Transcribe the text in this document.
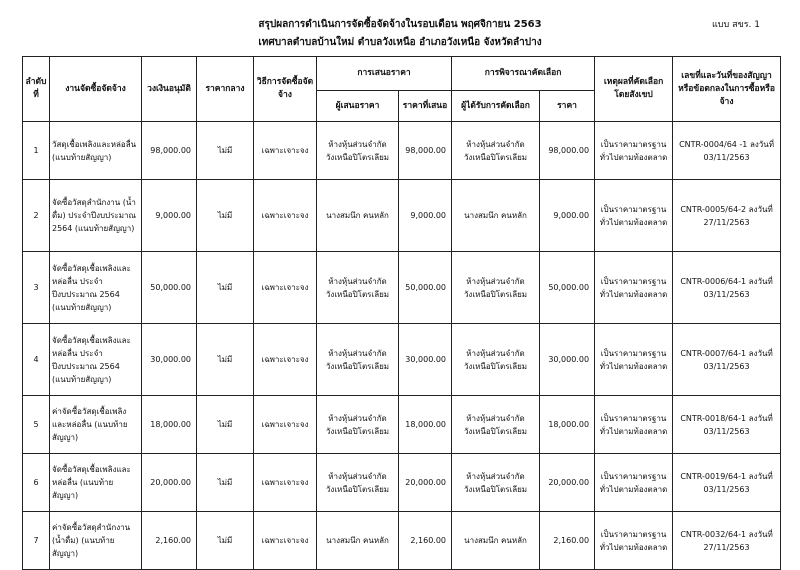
สรุปผลการดำเนินการจัดซื้อจัดจ้างในรอบเดือน พฤศจิกายน 2563
เทศบาลตำบลบ้านใหม่ ตำบลวังเหนือ อำเภอวังเหนือ จังหวัดลำปาง
แบบ สขร. 1
ลำดับที่	งานจัดซื้อจัดจ้าง	วงเงินอนุมัติ	ราคากลาง	วิธีการจัดซื้อจัดจ้าง	การเสนอราคา		การพิจารณาคัดเลือก		เหตุผลที่คัดเลือกโดยสังเขป	เลขที่และวันที่ของสัญญาหรือข้อตกลงในการซื้อหรือจ้าง
					ผู้เสนอราคา	ราคาที่เสนอ	ผู้ได้รับการคัดเลือก	ราคา		
1	วัสดุเชื้อเพลิงและหล่อลื่น (แนบท้ายสัญญา)	98,000.00	ไม่มี	เฉพาะเจาะจง	ห้างหุ้นส่วนจำกัด วังเหนือปิโตรเลียม	98,000.00	ห้างหุ้นส่วนจำกัด วังเหนือปิโตรเลียม	98,000.00	เป็นราคามาตรฐานทั่วไปตามท้องตลาด	CNTR-0004/64 -1 ลงวันที่ 03/11/2563
2	จัดซื้อวัสดุสำนักงาน (น้ำดื่ม) ประจำปีงบประมาณ 2564 (แนบท้ายสัญญา)	9,000.00	ไม่มี	เฉพาะเจาะจง	นางสมนึก คนหลัก	9,000.00	นางสมนึก คนหลัก	9,000.00	เป็นราคามาตรฐานทั่วไปตามท้องตลาด	CNTR-0005/64-2 ลงวันที่ 27/11/2563
3	จัดซื้อวัสดุเชื้อเพลิงและหล่อลื่น ประจำปีงบประมาณ 2564 (แนบท้ายสัญญา)	50,000.00	ไม่มี	เฉพาะเจาะจง	ห้างหุ้นส่วนจำกัด วังเหนือปิโตรเลียม	50,000.00	ห้างหุ้นส่วนจำกัด วังเหนือปิโตรเลียม	50,000.00	เป็นราคามาตรฐานทั่วไปตามท้องตลาด	CNTR-0006/64-1 ลงวันที่ 03/11/2563
4	จัดซื้อวัสดุเชื้อเพลิงและหล่อลื่น ประจำปีงบประมาณ 2564 (แนบท้ายสัญญา)	30,000.00	ไม่มี	เฉพาะเจาะจง	ห้างหุ้นส่วนจำกัด วังเหนือปิโตรเลียม	30,000.00	ห้างหุ้นส่วนจำกัด วังเหนือปิโตรเลียม	30,000.00	เป็นราคามาตรฐานทั่วไปตามท้องตลาด	CNTR-0007/64-1 ลงวันที่ 03/11/2563
5	ค่าจัดซื้อวัสดุเชื้อเพลิงและหล่อลื่น (แนบท้ายสัญญา)	18,000.00	ไม่มี	เฉพาะเจาะจง	ห้างหุ้นส่วนจำกัด วังเหนือปิโตรเลียม	18,000.00	ห้างหุ้นส่วนจำกัด วังเหนือปิโตรเลียม	18,000.00	เป็นราคามาตรฐานทั่วไปตามท้องตลาด	CNTR-0018/64-1 ลงวันที่ 03/11/2563
6	จัดซื้อวัสดุเชื้อเพลิงและหล่อลื่น (แนบท้ายสัญญา)	20,000.00	ไม่มี	เฉพาะเจาะจง	ห้างหุ้นส่วนจำกัด วังเหนือปิโตรเลียม	20,000.00	ห้างหุ้นส่วนจำกัด วังเหนือปิโตรเลียม	20,000.00	เป็นราคามาตรฐานทั่วไปตามท้องตลาด	CNTR-0019/64-1 ลงวันที่ 03/11/2563
7	ค่าจัดซื้อวัสดุสำนักงาน (น้ำดื่ม) (แนบท้ายสัญญา)	2,160.00	ไม่มี	เฉพาะเจาะจง	นางสมนึก คนหลัก	2,160.00	นางสมนึก คนหลัก	2,160.00	เป็นราคามาตรฐานทั่วไปตามท้องตลาด	CNTR-0032/64-1 ลงวันที่ 27/11/2563
